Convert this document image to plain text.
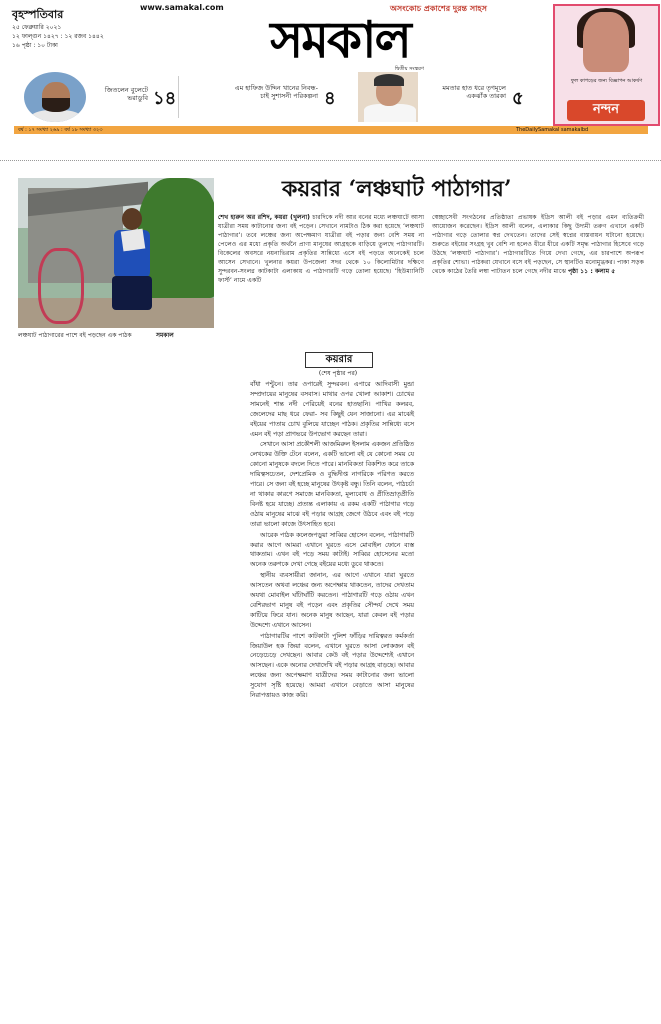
বৃহস্পতিবার
২৫ ফেব্রুয়ারি ২০২১
১২ ফাল্গুন ১৪২৭ : ১২ রজব ১৪৪২
১৬ পৃষ্ঠা : ১০ টাকা
www.samakal.com	অসংকোচ প্রকাশের দুরন্ত সাহস
সমকাল
দ্বিতীয় সংস্করণ
ফুল কাপড়ের জন্য বিজ্ঞাপন আকর্ষণ
নন্দন
জিতলেন বুলেটে ভরাডুবি ১৪	এম হাফিজ উদ্দিন খানের নিবন্ধ- চাই সুশাসনী পরিকল্পনা ৪	মমতার হাত ধরে তৃণমূলে একঝাঁক তারকা ৫
বর্ষ : ১৭ সংখ্যা ২৬৯ : বর্ষ ১৮ সংখ্যা ৩২৩	TheDailySamakal samakalbd
লঞ্চঘাট পাঠাগারের পাশে বই পড়ছেন এক পাঠক	সমকাল
কয়রার ‘লঞ্চঘাট পাঠাগার’
শেখ হারুন অর রশিদ, কয়রা (খুলনা) চারদিকে নদী আর বনের মধ্যে লঞ্চঘাটে আসা যাত্রীরা সময় কাটানোর জন্য বই পড়েন। সেখানে নামটাও ঠিক করা হয়েছে ‘লঞ্চঘাট পাঠাগার’। তবে লঞ্চের জন্য অপেক্ষমাণ যাত্রীরা বই পড়ার জন্য বেশি সময় না পেলেও এর মধ্যে প্রকৃতি অর্থনৈ প্রাণা মানুষের আগ্রহকে বাড়িয়ে তুলছে পাঠাগারটি। বিকেলের অবসরে নয়নাভিরাম প্রকৃতির সান্নিধ্যে এসে বই পড়তে অনেকেই চলে আসেন সেখানে। খুলনার কয়রা উপজেলা সদর থেকে ১০ কিলোমিটার দক্ষিণে সুন্দরবন-সংলগ্ন কাটকাটা এলাকায় এ পাঠাগারটি গড়ে তোলা হয়েছে। ‘হিউম্যানিটি ফার্স্ট’ নামে একটি
স্বেচ্ছাসেবী সংগঠনের প্রতিষ্ঠাতা প্রভাষক ইদ্রিস আলী বই পড়ার এমন ব্যতিক্রমী আয়োজন করেছেন। ইদ্রিস আলী বলেন, এলাকার কিছু উদ্যমী তরুণ এখানে একটি পাঠাগার গড়ে তোলার স্বপ্ন দেখতেন। তাদের সেই স্বপ্নের বাস্তবায়ন ঘটানো হয়েছে। শুরুতে বইয়ের সংগ্রহ খুব বেশি না হলেও ধীরে ধীরে একটি সমৃদ্ধ পাঠাগার হিসেবে গড়ে উঠছে ‘লঞ্চঘাট পাঠাগার’। পাঠাগারটিতে গিয়ে দেখা গেছে, এর চারপাশে অপরূপ প্রকৃতির শোভা। পাঠকরা যেখানে বসে বই পড়ছেন, সে স্থানটিও মনোমুগ্ধকর। পাকা সড়ক থেকে কাঠের তৈরি লম্বা পাটাতন চলে গেছে নদীর মাঝে পৃষ্ঠা ১১ : কলাম ৫
কয়রার
(শেষ পৃষ্ঠার পর)

বাঁধা পন্টুনে। তার ওপারেই সুন্দরবন। এপারে আদিবাসী মুন্ডা সম্প্রদায়ের মানুষের বসবাস। মাথার ওপর খোলা আকাশ। চোখের সামনেই শান্ত নদী পেরিয়েই বনের হাতছানি। পাখির কলরব, জেলেদের মাছ ধরে ফেরা- সব কিছুই যেন সাজানো। এর মাঝেই বইয়ের পাতায় চোখ বুলিয়ে যাচ্ছেন পাঠক। প্রকৃতির সান্নিধ্যে বসে এমন বই পড়া প্রাণভরে উপভোগ করছেন তারা।

সেখানে আসা প্রকৌশলী আজমিরুল ইসলাম একজন প্রতিষ্ঠিত লেখকের উক্তি টেনে বলেন, একটি ভালো বই যে কোনো সময় যে কোনো মানুষকে বদলে দিতে পারে। মানবিকতা বিকশিত করে তাকে দায়িত্বসচেতন, দেশপ্রেমিক ও বুদ্ধিদীপ্ত নাগরিকে পরিণত করতে পারে। সে জন্য বই হচ্ছে মানুষের উৎকৃষ্ট বন্ধু। তিনি বলেন, পাঠচর্চা না থাকার কারণে সমাজে মানবিকতা, মূল্যবোধ ও প্রীতিভ্রাতৃপ্রীতি বিনষ্ট হয়ে যাচ্ছে। প্রত্যন্ত এলাকায় এ রকম একটি পাঠাগার গড়ে ওঠায় মানুষের মাঝে বই পড়ার আগ্রহ জেগে উঠবে এবং বই পড়ে তারা ভালো কাজে উৎসাহিত হবে।

আরেক পাঠক কলেজপড়ুয়া সাব্বির হোসেন বলেন, পাঠাগারটি করার আগে আমরা এখানে ঘুরতে এসে মোবাইল ফোনে ব্যস্ত থাকতাম। এখন বই পড়ে সময় কাটাই। সাব্বির হোসেনের মতো অনেক তরুণকে দেখা গেছে বইয়ের মধ্যে ডুবে থাকতে।

স্থানীয় ব্যবসায়ীরা জানান, এর আগে এখানে যারা ঘুরতে আসতেন অথবা লঞ্চের জন্য অপেক্ষায় থাকতেন, তাদের দেখতাম অযথা মোবাইল ঘাঁটাঘাঁটি করতেন। পাঠাগারটি গড়ে ওঠায় এখন বেশিরভাগ মানুষ বই পড়েন এবং প্রকৃতির সৌন্দর্য দেখে সময় কাটিয়ে ফিরে যান। অনেক মানুষ আছেন, যারা কেবল বই পড়ার উদ্দেশ্যে এখানে আসেন।

পাঠাগারটির পাশে কাটকাটা পুলিশ ফাঁড়ির দায়িত্বরত কর্মকর্তা জিয়াউল হক জিয়া বলেন, এখানে ঘুরতে আসা লোকজন বই নেড়েচেড়ে দেখছেন। আবার কেউ বই পড়ার উদ্দেশ্যেই এখানে আসছেন। একে অন্যের দেখাদেখি বই পড়ার আগ্রহ বাড়ছে। আবার লঞ্চের জন্য অপেক্ষমাণ যাত্রীদের সময় কাটানোর জন্য ভালো সুযোগ সৃষ্টি হয়েছে। আমরা এখানে বেড়াতে আসা মানুষের নিরাপত্তায়ও কাজ করি।
